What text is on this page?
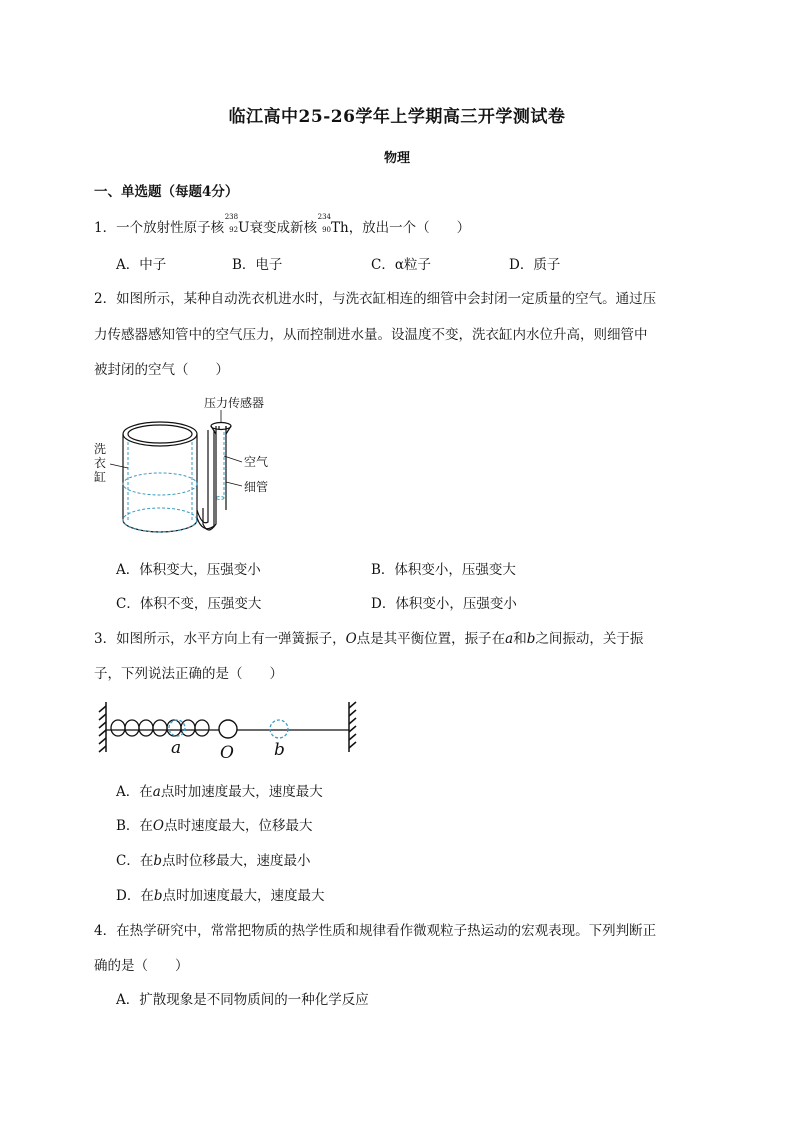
临江高中25-26学年上学期高三开学测试卷
物理
一、单选题（每题4分）
1．一个放射性原子核
238
92 U衰变成新核
234
90 Th，放出一个（　　）
A．中子	B．电子	C．α粒子	D．质子
2．如图所示，某种自动洗衣机进水时，与洗衣缸相连的细管中会封闭一定质量的空气。通过压
力传感器感知管中的空气压力，从而控制进水量。设温度不变，洗衣缸内水位升高，则细管中
被封闭的空气（　　）
压力传感器
空气
细管
洗
衣
缸
A．体积变大，压强变小	B．体积变小，压强变大
C．体积不变，压强变大	D．体积变小，压强变小
3．如图所示，水平方向上有一弹簧振子，O点是其平衡位置，振子在a和b之间振动，关于振
子，下列说法正确的是（　　）
a O b
A．在a点时加速度最大，速度最大
B．在O点时速度最大，位移最大
C．在b点时位移最大，速度最小
D．在b点时加速度最大，速度最大
4．在热学研究中，常常把物质的热学性质和规律看作微观粒子热运动的宏观表现。下列判断正
确的是（　　）
A．扩散现象是不同物质间的一种化学反应
